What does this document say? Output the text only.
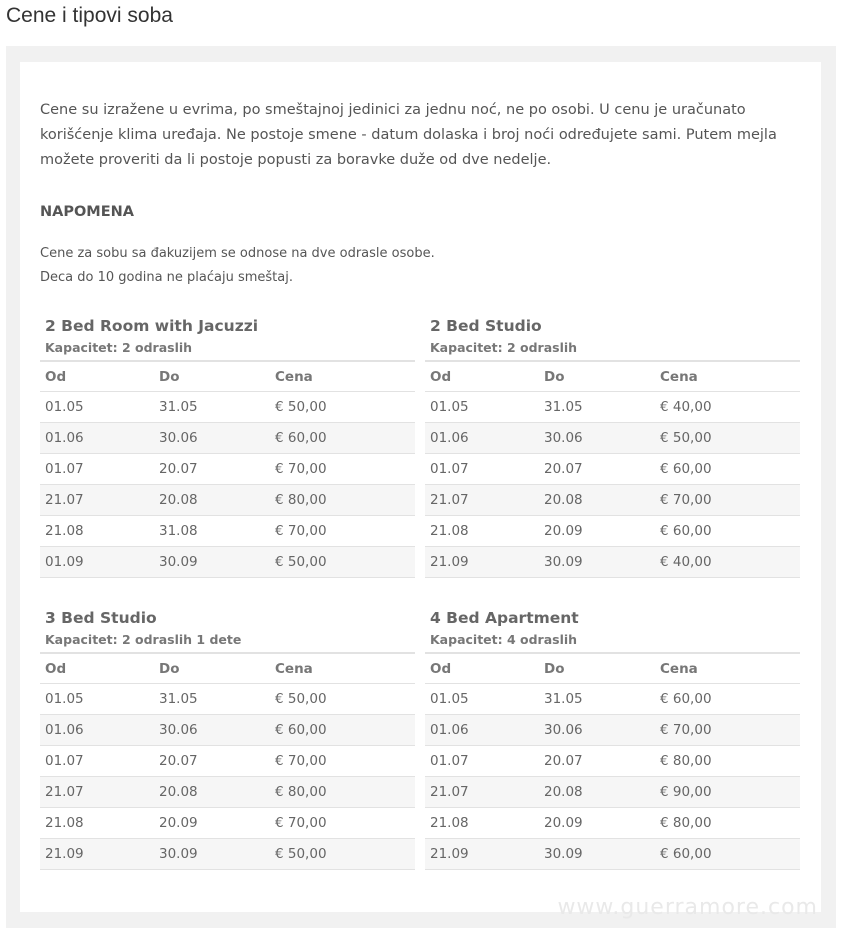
Cene i tipovi soba

Cene su izražene u evrima, po smeštajnoj jedinici za jednu noć, ne po osobi. U cenu je uračunato korišćenje klima uređaja. Ne postoje smene - datum dolaska i broj noći određujete sami. Putem mejla možete proveriti da li postoje popusti za boravke duže od dve nedelje.

NAPOMENA

Cene za sobu sa đakuzijem se odnose na dve odrasle osobe.
Deca do 10 godina ne plaćaju smeštaj.

2 Bed Room with Jacuzzi

Kapacitet: 2 odraslih

Od	Do	Cena
01.05	31.05	€ 50,00
01.06	30.06	€ 60,00
01.07	20.07	€ 70,00
21.07	20.08	€ 80,00
21.08	31.08	€ 70,00
01.09	30.09	€ 50,00

2 Bed Studio

Kapacitet: 2 odraslih

Od	Do	Cena
01.05	31.05	€ 40,00
01.06	30.06	€ 50,00
01.07	20.07	€ 60,00
21.07	20.08	€ 70,00
21.08	20.09	€ 60,00
21.09	30.09	€ 40,00

3 Bed Studio

Kapacitet: 2 odraslih 1 dete

Od	Do	Cena
01.05	31.05	€ 50,00
01.06	30.06	€ 60,00
01.07	20.07	€ 70,00
21.07	20.08	€ 80,00
21.08	20.09	€ 70,00
21.09	30.09	€ 50,00

4 Bed Apartment

Kapacitet: 4 odraslih

Od	Do	Cena
01.05	31.05	€ 60,00
01.06	30.06	€ 70,00
01.07	20.07	€ 80,00
21.07	20.08	€ 90,00
21.08	20.09	€ 80,00
21.09	30.09	€ 60,00
www.guerramore.com
